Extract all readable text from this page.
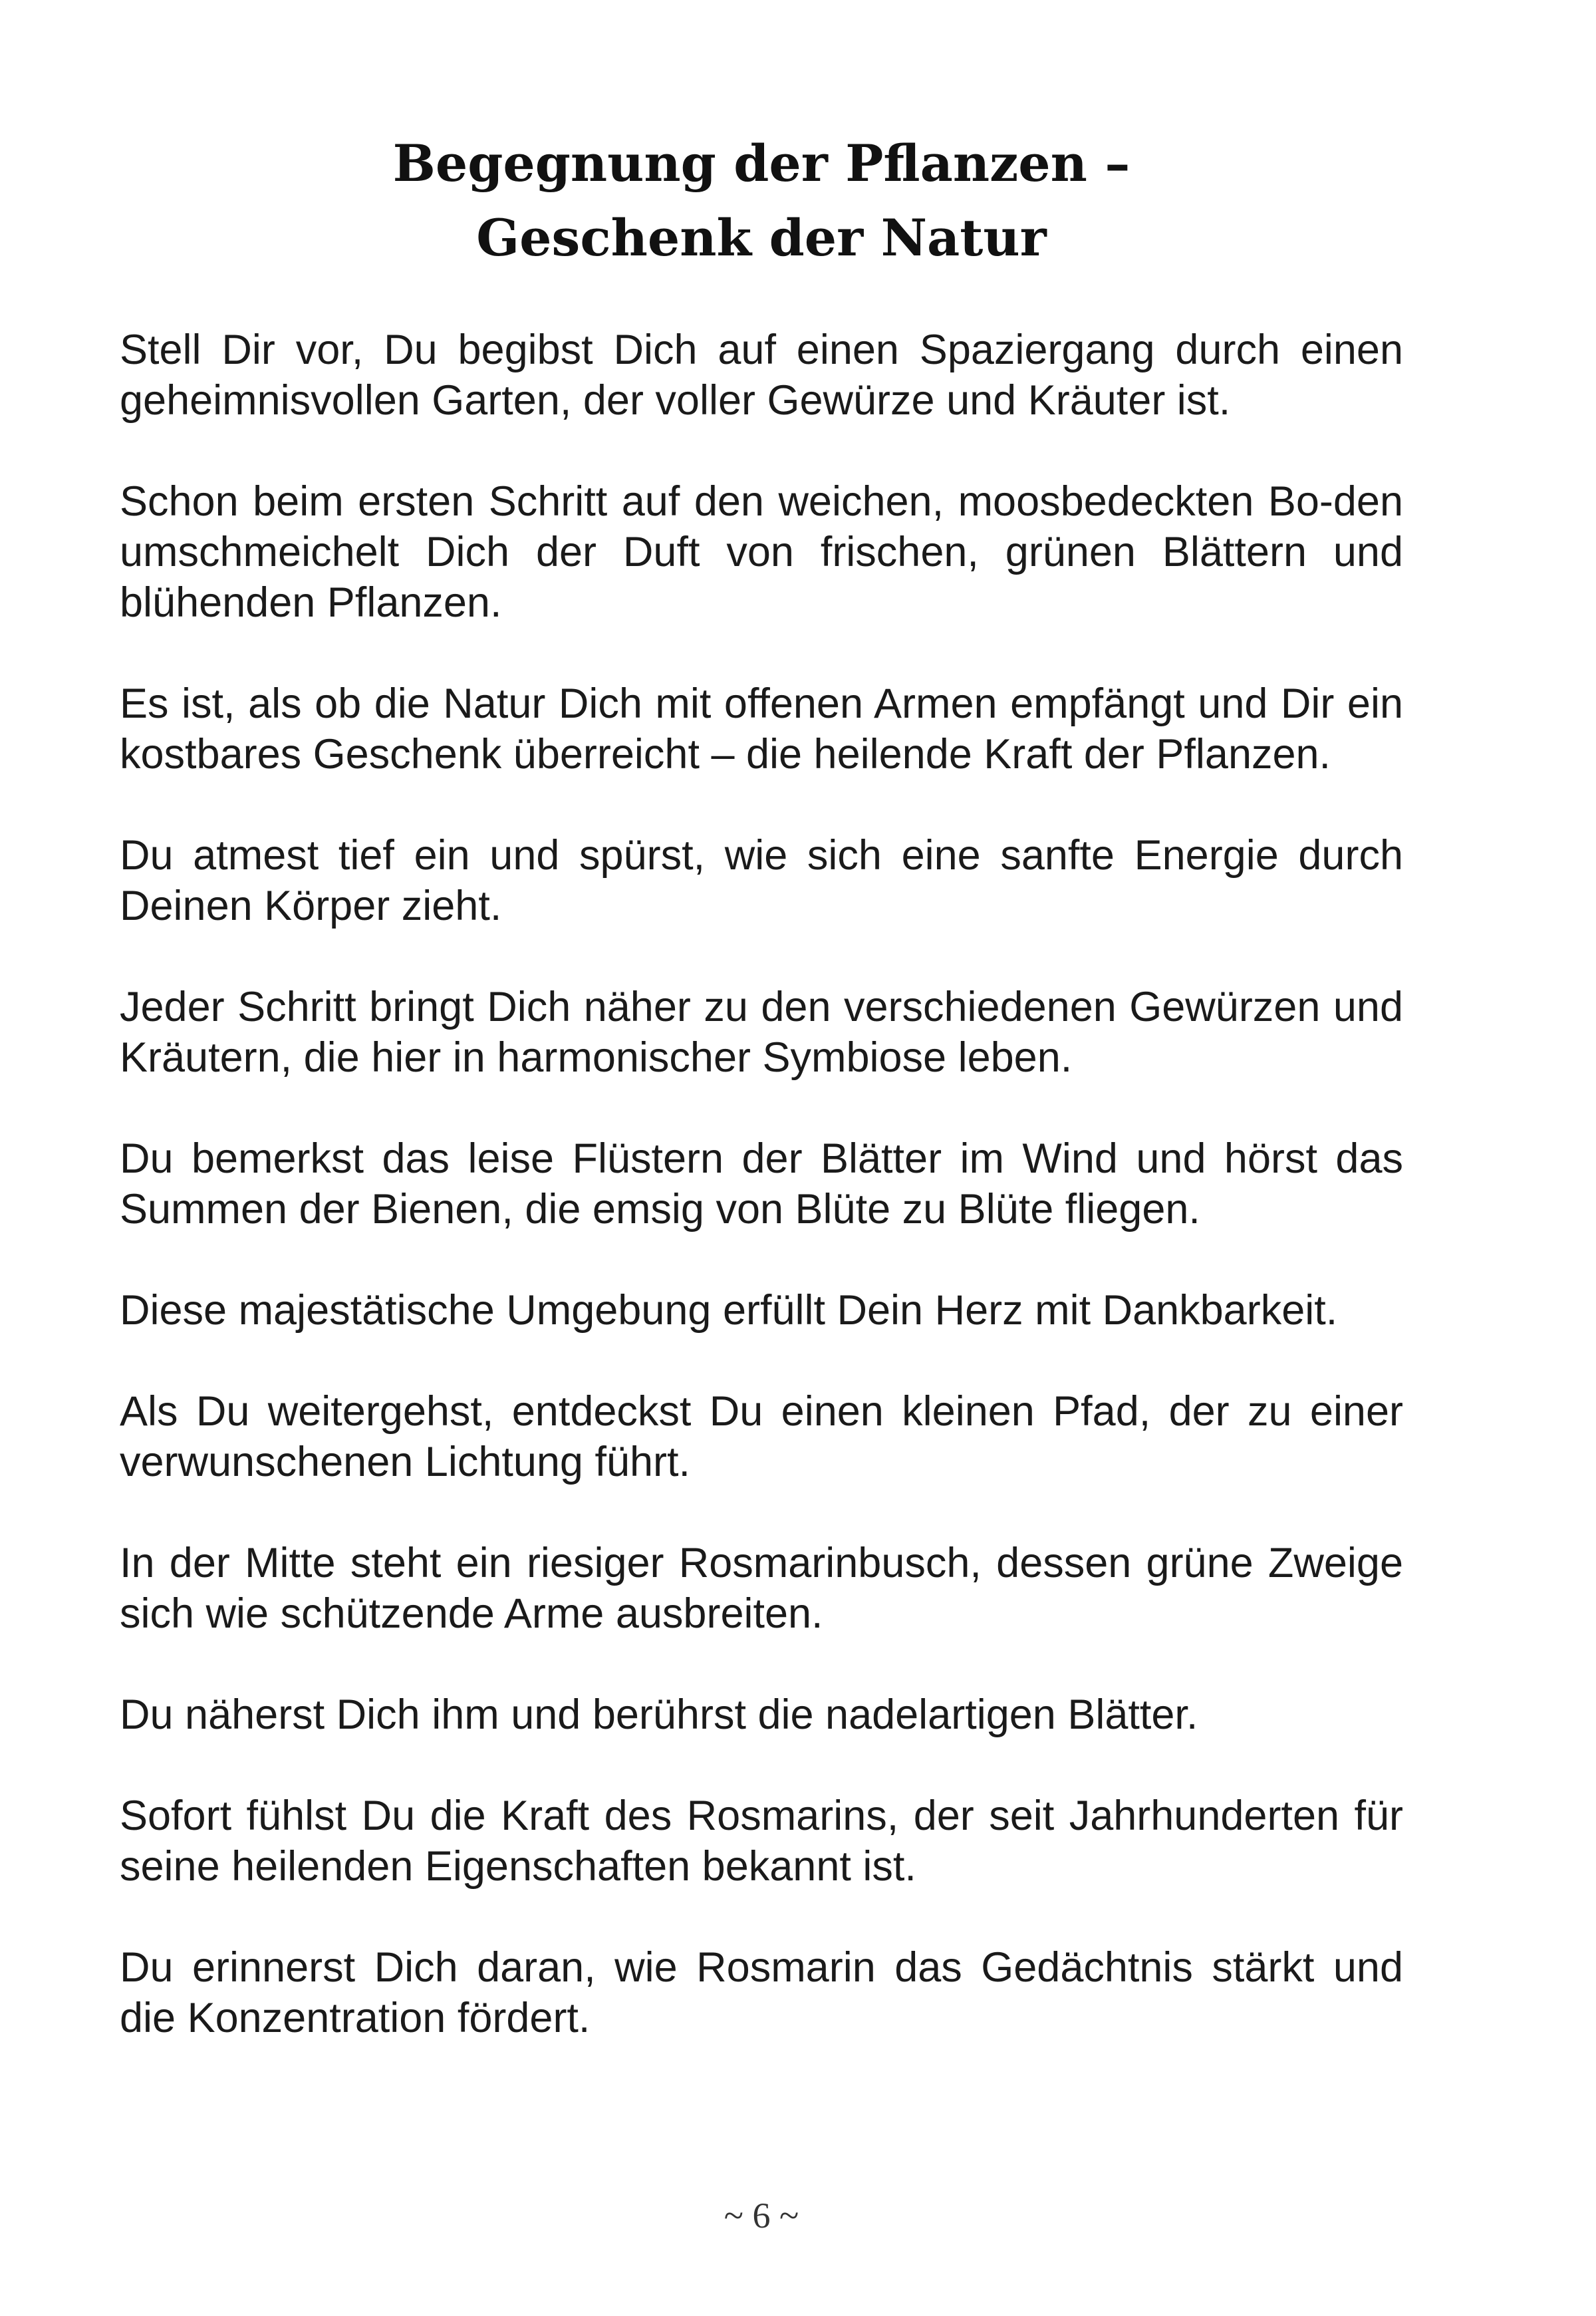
Begegnung der Pflanzen –
Geschenk der Natur

Stell Dir vor, Du begibst Dich auf einen Spaziergang durch einen geheimnisvollen Garten, der voller Gewürze und Kräuter ist.

Schon beim ersten Schritt auf den weichen, moosbedeckten Bo-den umschmeichelt Dich der Duft von frischen, grünen Blättern und blühenden Pflanzen.

Es ist, als ob die Natur Dich mit offenen Armen empfängt und Dir ein kostbares Geschenk überreicht – die heilende Kraft der Pflanzen.

Du atmest tief ein und spürst, wie sich eine sanfte Energie durch Deinen Körper zieht.

Jeder Schritt bringt Dich näher zu den verschiedenen Gewürzen und Kräutern, die hier in harmonischer Symbiose leben.

Du bemerkst das leise Flüstern der Blätter im Wind und hörst das Summen der Bienen, die emsig von Blüte zu Blüte fliegen.

Diese majestätische Umgebung erfüllt Dein Herz mit Dankbarkeit.

Als Du weitergehst, entdeckst Du einen kleinen Pfad, der zu einer verwunschenen Lichtung führt.

In der Mitte steht ein riesiger Rosmarinbusch, dessen grüne Zweige sich wie schützende Arme ausbreiten.

Du näherst Dich ihm und berührst die nadelartigen Blätter.

Sofort fühlst Du die Kraft des Rosmarins, der seit Jahrhunderten für seine heilenden Eigenschaften bekannt ist.

Du erinnerst Dich daran, wie Rosmarin das Gedächtnis stärkt und die Konzentration fördert.

~ 6 ~
